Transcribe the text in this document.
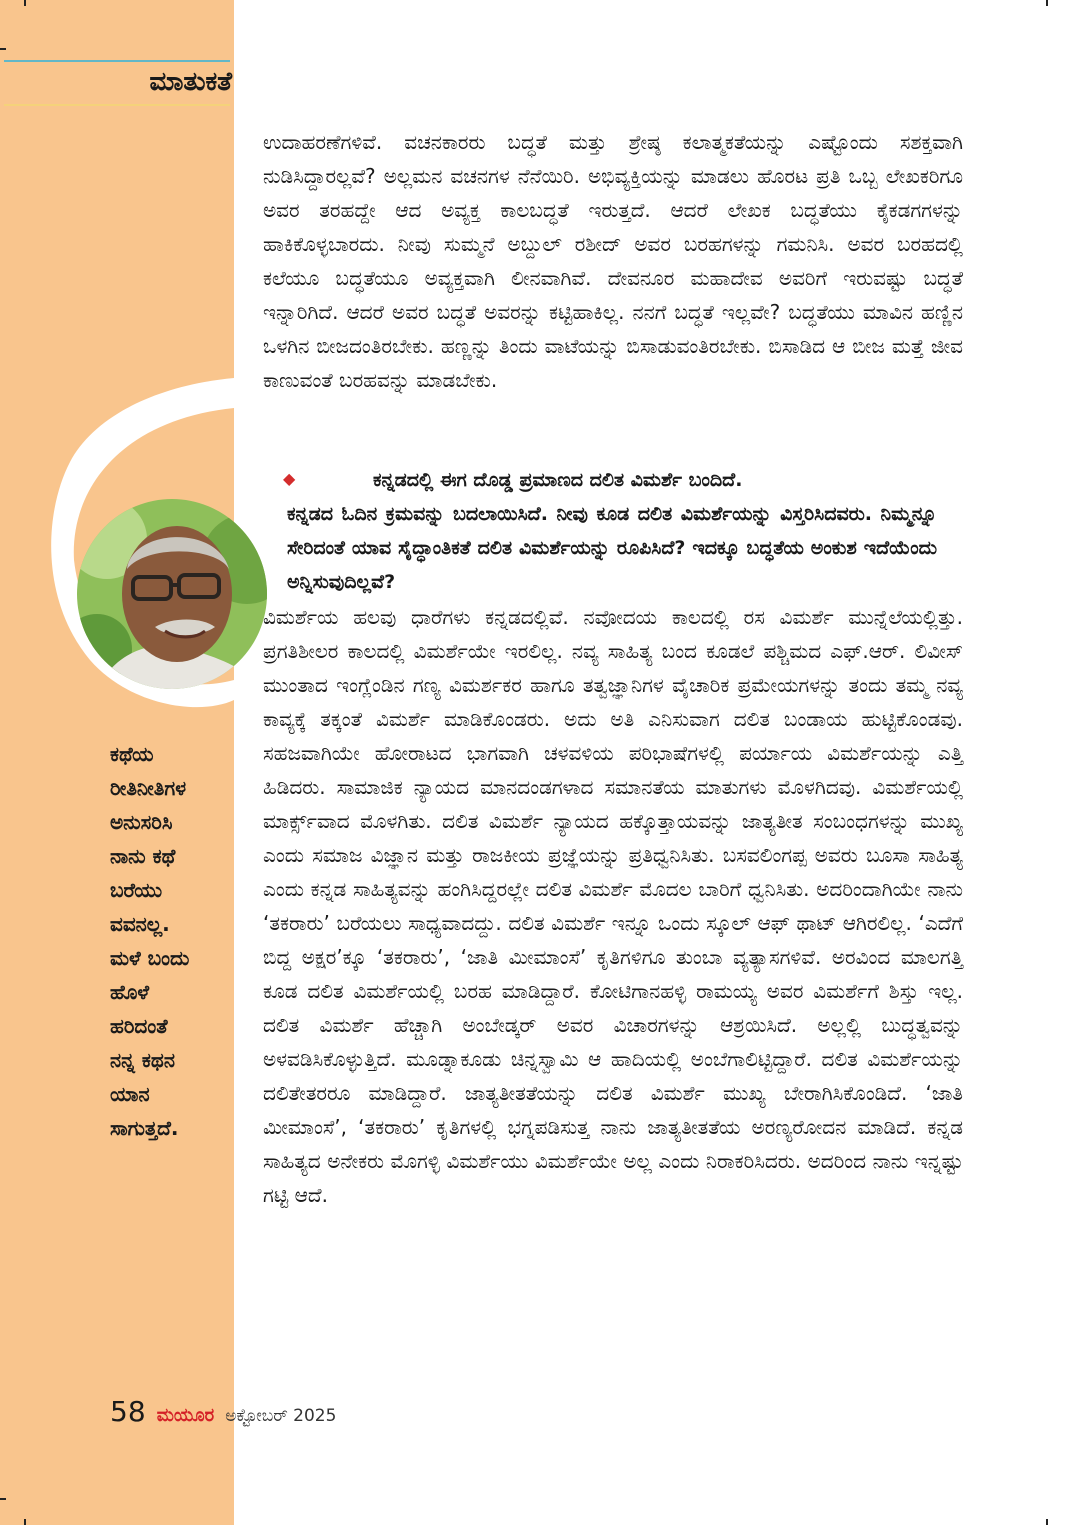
ಮಾತುಕತೆ

ಉದಾಹರಣೆಗಳಿವೆ. ವಚನಕಾರರು ಬದ್ಧತೆ ಮತ್ತು ಶ್ರೇಷ್ಠ ಕಲಾತ್ಮಕತೆಯನ್ನು ಎಷ್ಟೊಂದು ಸಶಕ್ತವಾಗಿ ನುಡಿಸಿದ್ದಾರಲ್ಲವೆ? ಅಲ್ಲಮನ ವಚನಗಳ ನೆನೆಯಿರಿ. ಅಭಿವ್ಯಕ್ತಿಯನ್ನು ಮಾಡಲು ಹೊರಟ ಪ್ರತಿ ಒಬ್ಬ ಲೇಖಕರಿಗೂ ಅವರ ತರಹದ್ದೇ ಆದ ಅವ್ಯಕ್ತ ಕಾಲಬದ್ಧತೆ ಇರುತ್ತದೆ. ಆದರೆ ಲೇಖಕ ಬದ್ಧತೆಯು ಕೈಕಡಗಗಳನ್ನು ಹಾಕಿಕೊಳ್ಳಬಾರದು. ನೀವು ಸುಮ್ಮನೆ ಅಬ್ದುಲ್ ರಶೀದ್ ಅವರ ಬರಹಗಳನ್ನು ಗಮನಿಸಿ. ಅವರ ಬರಹದಲ್ಲಿ ಕಲೆಯೂ ಬದ್ಧತೆಯೂ ಅವ್ಯಕ್ತವಾಗಿ ಲೀನವಾಗಿವೆ. ದೇವನೂರ ಮಹಾದೇವ ಅವರಿಗೆ ಇರುವಷ್ಟು ಬದ್ಧತೆ ಇನ್ನಾರಿಗಿದೆ. ಆದರೆ ಅವರ ಬದ್ಧತೆ ಅವರನ್ನು ಕಟ್ಟಿಹಾಕಿಲ್ಲ. ನನಗೆ ಬದ್ಧತೆ ಇಲ್ಲವೇ? ಬದ್ಧತೆಯು ಮಾವಿನ ಹಣ್ಣಿನ ಒಳಗಿನ ಬೀಜದಂತಿರಬೇಕು. ಹಣ್ಣನ್ನು ತಿಂದು ವಾಟೆಯನ್ನು ಬಿಸಾಡುವಂತಿರಬೇಕು. ಬಿಸಾಡಿದ ಆ ಬೀಜ ಮತ್ತೆ ಜೀವ ಕಾಣುವಂತೆ ಬರಹವನ್ನು ಮಾಡಬೇಕು.

◆	ಕನ್ನಡದಲ್ಲಿ ಈಗ ದೊಡ್ಡ ಪ್ರಮಾಣದ ದಲಿತ ವಿಮರ್ಶೆ ಬಂದಿದೆ.
ಕನ್ನಡದ ಓದಿನ ಕ್ರಮವನ್ನು ಬದಲಾಯಿಸಿದೆ. ನೀವು ಕೂಡ ದಲಿತ ವಿಮರ್ಶೆಯನ್ನು ವಿಸ್ತರಿಸಿದವರು. ನಿಮ್ಮನ್ನೂ ಸೇರಿದಂತೆ ಯಾವ ಸೈದ್ಧಾಂತಿಕತೆ ದಲಿತ ವಿಮರ್ಶೆಯನ್ನು ರೂಪಿಸಿದೆ? ಇದಕ್ಕೂ ಬದ್ಧತೆಯ ಅಂಕುಶ ಇದೆಯೆಂದು ಅನ್ನಿಸುವುದಿಲ್ಲವೆ?

ವಿಮರ್ಶೆಯ ಹಲವು ಧಾರೆಗಳು ಕನ್ನಡದಲ್ಲಿವೆ. ನವೋದಯ ಕಾಲದಲ್ಲಿ ರಸ ವಿಮರ್ಶೆ ಮುನ್ನೆಲೆಯಲ್ಲಿತ್ತು. ಪ್ರಗತಿಶೀಲರ ಕಾಲದಲ್ಲಿ ವಿಮರ್ಶೆಯೇ ಇರಲಿಲ್ಲ. ನವ್ಯ ಸಾಹಿತ್ಯ ಬಂದ ಕೂಡಲೆ ಪಶ್ಚಿಮದ ಎಫ್.ಆರ್. ಲಿವೀಸ್ ಮುಂತಾದ ಇಂಗ್ಲೆಂಡಿನ ಗಣ್ಯ ವಿಮರ್ಶಕರ ಹಾಗೂ ತತ್ವಜ್ಞಾನಿಗಳ ವೈಚಾರಿಕ ಪ್ರಮೇಯಗಳನ್ನು ತಂದು ತಮ್ಮ ನವ್ಯ ಕಾವ್ಯಕ್ಕೆ ತಕ್ಕಂತೆ ವಿಮರ್ಶೆ ಮಾಡಿಕೊಂಡರು. ಅದು ಅತಿ ಎನಿಸುವಾಗ ದಲಿತ ಬಂಡಾಯ ಹುಟ್ಟಿಕೊಂಡವು. ಸಹಜವಾಗಿಯೇ ಹೋರಾಟದ ಭಾಗವಾಗಿ ಚಳವಳಿಯ ಪರಿಭಾಷೆಗಳಲ್ಲಿ ಪರ್ಯಾಯ ವಿಮರ್ಶೆಯನ್ನು ಎತ್ತಿ ಹಿಡಿದರು. ಸಾಮಾಜಿಕ ನ್ಯಾಯದ ಮಾನದಂಡಗಳಾದ ಸಮಾನತೆಯ ಮಾತುಗಳು ಮೊಳಗಿದವು. ವಿಮರ್ಶೆಯಲ್ಲಿ ಮಾರ್ಕ್ಸ್‌ವಾದ ಮೊಳಗಿತು. ದಲಿತ ವಿಮರ್ಶೆ ನ್ಯಾಯದ ಹಕ್ಕೊತ್ತಾಯವನ್ನು ಜಾತ್ಯತೀತ ಸಂಬಂಧಗಳನ್ನು ಮುಖ್ಯ ಎಂದು ಸಮಾಜ ವಿಜ್ಞಾನ ಮತ್ತು ರಾಜಕೀಯ ಪ್ರಜ್ಞೆಯನ್ನು ಪ್ರತಿಧ್ವನಿಸಿತು. ಬಸವಲಿಂಗಪ್ಪ ಅವರು ಬೂಸಾ ಸಾಹಿತ್ಯ ಎಂದು ಕನ್ನಡ ಸಾಹಿತ್ಯವನ್ನು ಹಂಗಿಸಿದ್ದರಲ್ಲೇ ದಲಿತ ವಿಮರ್ಶೆ ಮೊದಲ ಬಾರಿಗೆ ಧ್ವನಿಸಿತು. ಅದರಿಂದಾಗಿಯೇ ನಾನು ‘ತಕರಾರು’ ಬರೆಯಲು ಸಾಧ್ಯವಾದದ್ದು. ದಲಿತ ವಿಮರ್ಶೆ ಇನ್ನೂ ಒಂದು ಸ್ಕೂಲ್ ಆಫ್ ಥಾಟ್ ಆಗಿರಲಿಲ್ಲ. ‘ಎದೆಗೆ ಬಿದ್ದ ಅಕ್ಷರ’ಕ್ಕೂ ‘ತಕರಾರು’, ‘ಜಾತಿ ಮೀಮಾಂಸೆ’ ಕೃತಿಗಳಿಗೂ ತುಂಬಾ ವ್ಯತ್ಯಾಸಗಳಿವೆ. ಅರವಿಂದ ಮಾಲಗತ್ತಿ ಕೂಡ ದಲಿತ ವಿಮರ್ಶೆಯಲ್ಲಿ ಬರಹ ಮಾಡಿದ್ದಾರೆ. ಕೋಟಿಗಾನಹಳ್ಳಿ ರಾಮಯ್ಯ ಅವರ ವಿಮರ್ಶೆಗೆ ಶಿಸ್ತು ಇಲ್ಲ. ದಲಿತ ವಿಮರ್ಶೆ ಹೆಚ್ಚಾಗಿ ಅಂಬೇಡ್ಕರ್ ಅವರ ವಿಚಾರಗಳನ್ನು ಆಶ್ರಯಿಸಿದೆ. ಅಲ್ಲಲ್ಲಿ ಬುದ್ಧತ್ವವನ್ನು ಅಳವಡಿಸಿಕೊಳ್ಳುತ್ತಿದೆ. ಮೂಡ್ನಾಕೂಡು ಚಿನ್ನಸ್ವಾಮಿ ಆ ಹಾದಿಯಲ್ಲಿ ಅಂಬೆಗಾಲಿಟ್ಟಿದ್ದಾರೆ. ದಲಿತ ವಿಮರ್ಶೆಯನ್ನು ದಲಿತೇತರರೂ ಮಾಡಿದ್ದಾರೆ. ಜಾತ್ಯತೀತತೆಯನ್ನು ದಲಿತ ವಿಮರ್ಶೆ ಮುಖ್ಯ ಬೇರಾಗಿಸಿಕೊಂಡಿದೆ. ‘ಜಾತಿ ಮೀಮಾಂಸೆ’, ‘ತಕರಾರು’ ಕೃತಿಗಳಲ್ಲಿ ಭಗ್ನಪಡಿಸುತ್ತ ನಾನು ಜಾತ್ಯತೀತತೆಯ ಅರಣ್ಯರೋದನ ಮಾಡಿದೆ. ಕನ್ನಡ ಸಾಹಿತ್ಯದ ಅನೇಕರು ಮೊಗಳ್ಳಿ ವಿಮರ್ಶೆಯು ವಿಮರ್ಶೆಯೇ ಅಲ್ಲ ಎಂದು ನಿರಾಕರಿಸಿದರು. ಅದರಿಂದ ನಾನು ಇನ್ನಷ್ಟು ಗಟ್ಟಿ ಆದೆ.

ಕಥೆಯ
ರೀತಿನೀತಿಗಳ
ಅನುಸರಿಸಿ
ನಾನು ಕಥೆ
ಬರೆಯು
ವವನಲ್ಲ.
ಮಳೆ ಬಂದು
ಹೊಳೆ
ಹರಿದಂತೆ
ನನ್ನ ಕಥನ
ಯಾನ
ಸಾಗುತ್ತದೆ.
58 ಮಯೂರ ಅಕ್ಟೋಬರ್ 2025
